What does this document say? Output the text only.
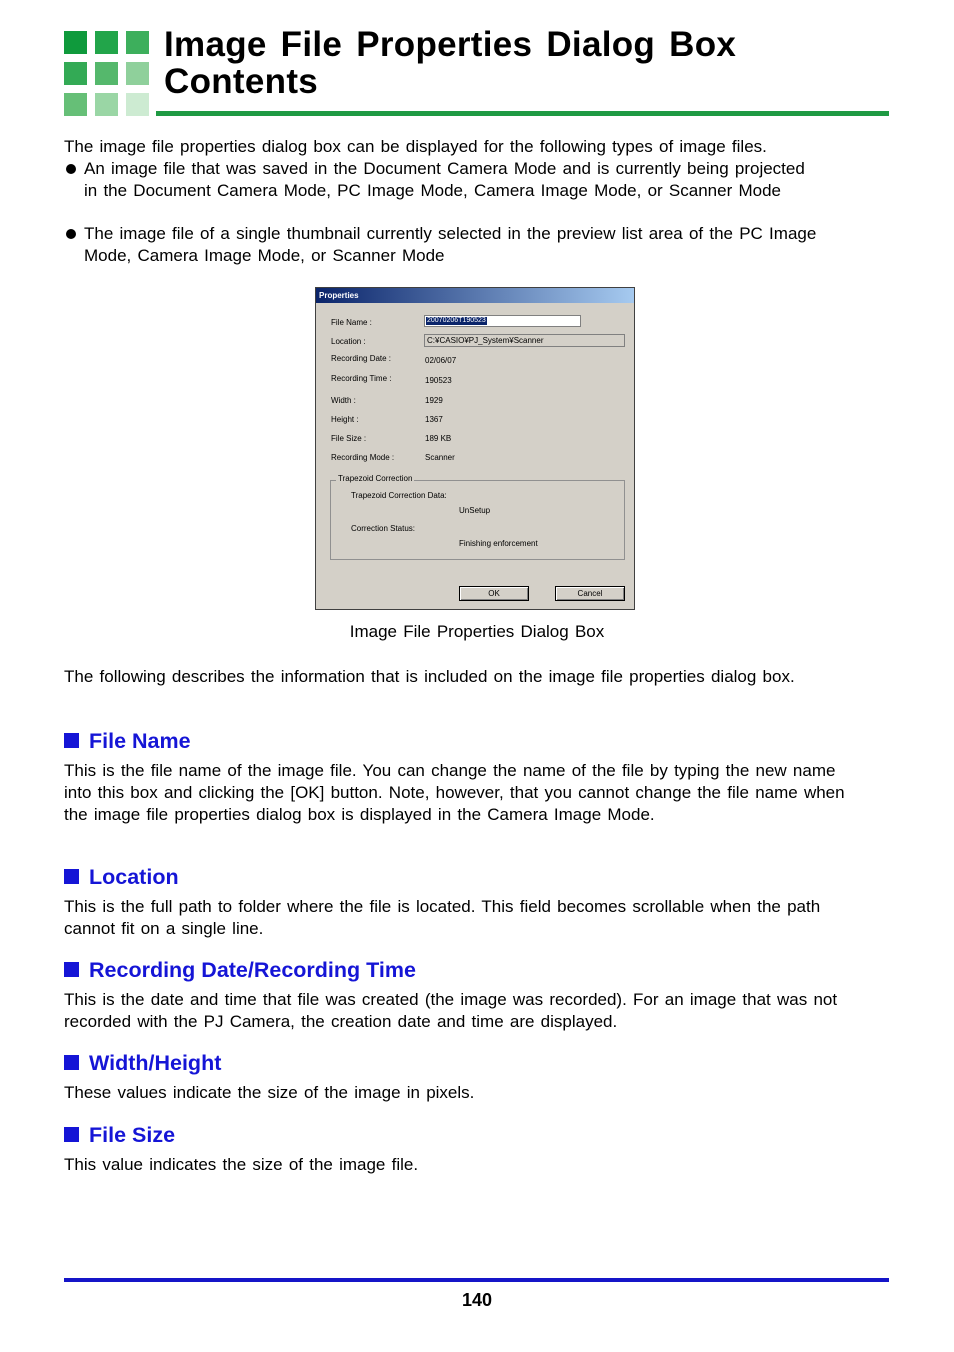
Image File Properties Dialog Box
Contents

The image file properties dialog box can be displayed for the following types of image files.

An image file that was saved in the Document Camera Mode and is currently being projected in the Document Camera Mode, PC Image Mode, Camera Image Mode, or Scanner Mode
The image file of a single thumbnail currently selected in the preview list area of the PC Image Mode, Camera Image Mode, or Scanner Mode
Properties
File Name :	20070206T190523
Location :	C:¥CASIO¥PJ_System¥Scanner
Recording Date :	02/06/07
Recording Time :	190523
Width :	1929
Height :	1367
File Size :	189 KB
Recording Mode :	Scanner
Trapezoid Correction
Trapezoid Correction Data:
UnSetup
Correction Status:
Finishing enforcement
OK	Cancel
Image File Properties Dialog Box

The following describes the information that is included on the image file properties dialog box.

File Name

This is the file name of the image file. You can change the name of the file by typing the new name into this box and clicking the [OK] button. Note, however, that you cannot change the file name when the image file properties dialog box is displayed in the Camera Image Mode.

Location

This is the full path to folder where the file is located. This field becomes scrollable when the path cannot fit on a single line.

Recording Date/Recording Time

This is the date and time that file was created (the image was recorded). For an image that was not recorded with the PJ Camera, the creation date and time are displayed.

Width/Height

These values indicate the size of the image in pixels.

File Size

This value indicates the size of the image file.

140
